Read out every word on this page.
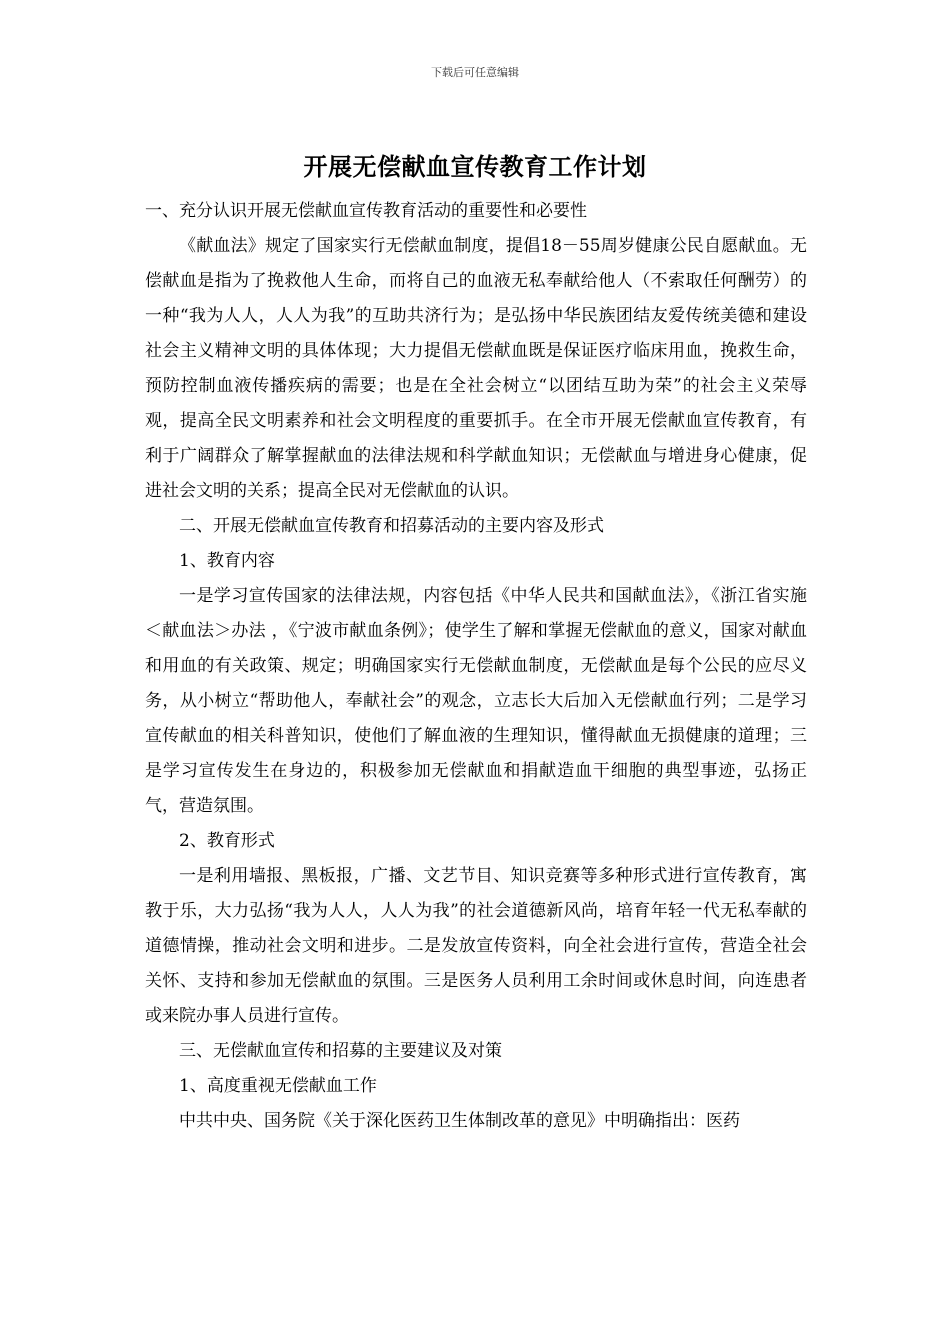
下载后可任意编辑
开展无偿献血宣传教育工作计划

一、充分认识开展无偿献血宣传教育活动的重要性和必要性

《献血法》规定了国家实行无偿献血制度，提倡18－55周岁健康公民自愿献血。无偿献血是指为了挽救他人生命，而将自己的血液无私奉献给他人（不索取任何酬劳）的一种“我为人人，人人为我”的互助共济行为；是弘扬中华民族团结友爱传统美德和建设社会主义精神文明的具体体现；大力提倡无偿献血既是保证医疗临床用血，挽救生命，预防控制血液传播疾病的需要；也是在全社会树立“以团结互助为荣”的社会主义荣辱观，提高全民文明素养和社会文明程度的重要抓手。在全市开展无偿献血宣传教育，有利于广阔群众了解掌握献血的法律法规和科学献血知识；无偿献血与增进身心健康，促进社会文明的关系；提高全民对无偿献血的认识。

二、开展无偿献血宣传教育和招募活动的主要内容及形式

1、教育内容

一是学习宣传国家的法律法规，内容包括《中华人民共和国献血法》，《浙江省实施＜献血法＞办法 ，《宁波市献血条例》；使学生了解和掌握无偿献血的意义，国家对献血和用血的有关政策、规定；明确国家实行无偿献血制度，无偿献血是每个公民的应尽义务，从小树立“帮助他人，奉献社会”的观念，立志长大后加入无偿献血行列；二是学习宣传献血的相关科普知识，使他们了解血液的生理知识，懂得献血无损健康的道理；三是学习宣传发生在身边的，积极参加无偿献血和捐献造血干细胞的典型事迹，弘扬正气，营造氛围。

2、教育形式

一是利用墙报、黑板报，广播、文艺节目、知识竞赛等多种形式进行宣传教育，寓教于乐，大力弘扬“我为人人，人人为我”的社会道德新风尚，培育年轻一代无私奉献的道德情操，推动社会文明和进步。二是发放宣传资料，向全社会进行宣传，营造全社会关怀、支持和参加无偿献血的氛围。三是医务人员利用工余时间或休息时间，向连患者或来院办事人员进行宣传。

三、无偿献血宣传和招募的主要建议及对策

1、高度重视无偿献血工作

中共中央、国务院《关于深化医药卫生体制改革的意见》中明确指出：医药
